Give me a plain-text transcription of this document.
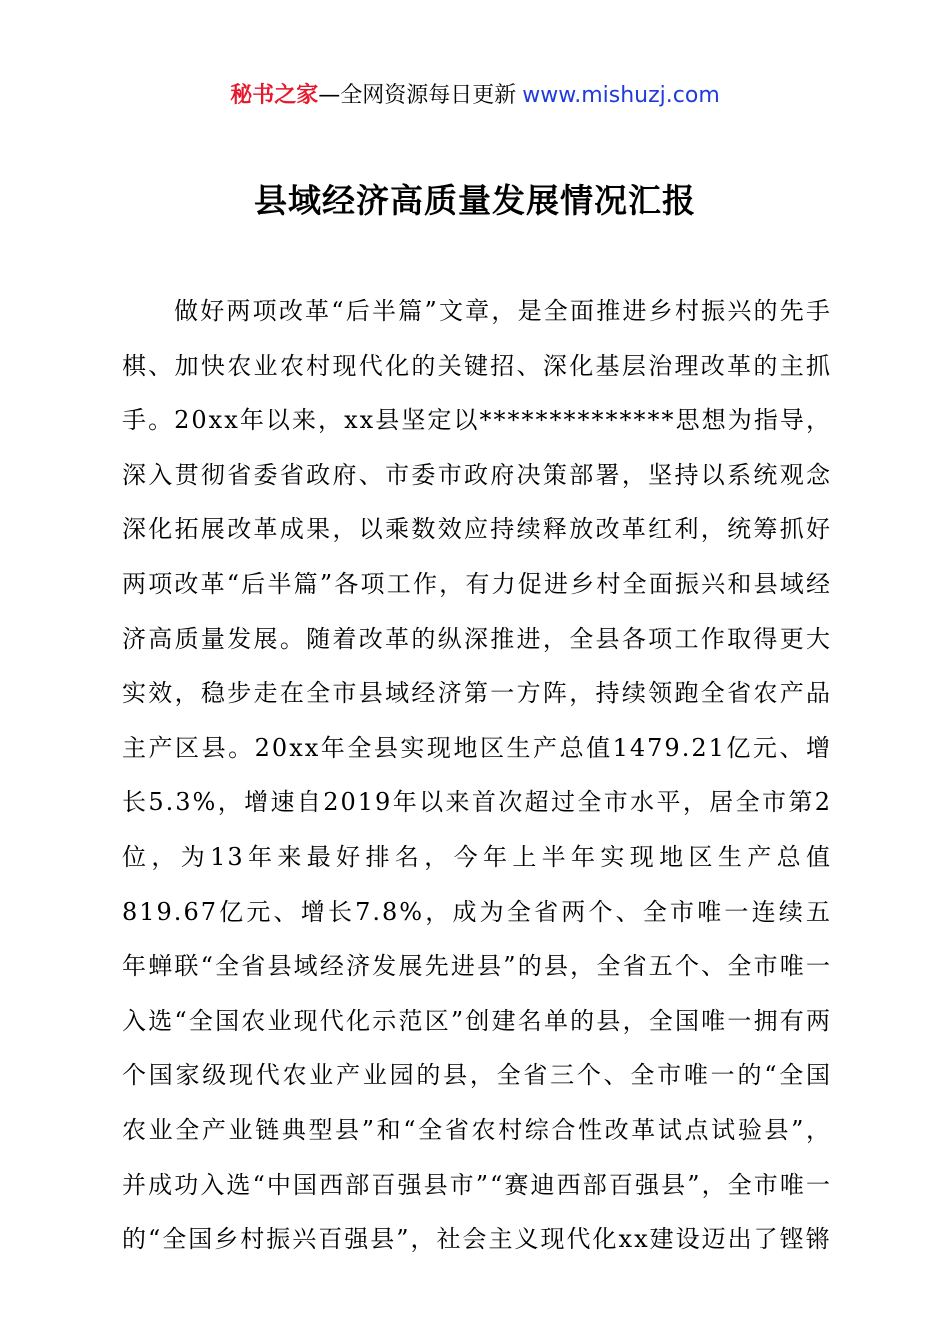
秘书之家—全网资源每日更新 www.mishuzj.com
县域经济高质量发展情况汇报

做好两项改革“后半篇”文章，是全面推进乡村振兴的先手棋、加快农业农村现代化的关键招、深化基层治理改革的主抓手。20xx年以来，xx县坚定以**************思想为指导，深入贯彻省委省政府、市委市政府决策部署，坚持以系统观念深化拓展改革成果，以乘数效应持续释放改革红利，统筹抓好两项改革“后半篇”各项工作，有力促进乡村全面振兴和县域经济高质量发展。随着改革的纵深推进，全县各项工作取得更大实效，稳步走在全市县域经济第一方阵，持续领跑全省农产品主产区县。20xx年全县实现地区生产总值1479.21亿元、增长5.3%，增速自2019年以来首次超过全市水平，居全市第2位，为13年来最好排名，今年上半年实现地区生产总值819.67亿元、增长7.8%，成为全省两个、全市唯一连续五年蝉联“全省县域经济发展先进县”的县，全省五个、全市唯一入选“全国农业现代化示范区”创建名单的县，全国唯一拥有两个国家级现代农业产业园的县，全省三个、全市唯一的“全国农业全产业链典型县”和“全省农村综合性改革试点试验县”，并成功入选“中国西部百强县市”“赛迪西部百强县”，全市唯一的“全国乡村振兴百强县”，社会主义现代化xx建设迈出了铿锵
